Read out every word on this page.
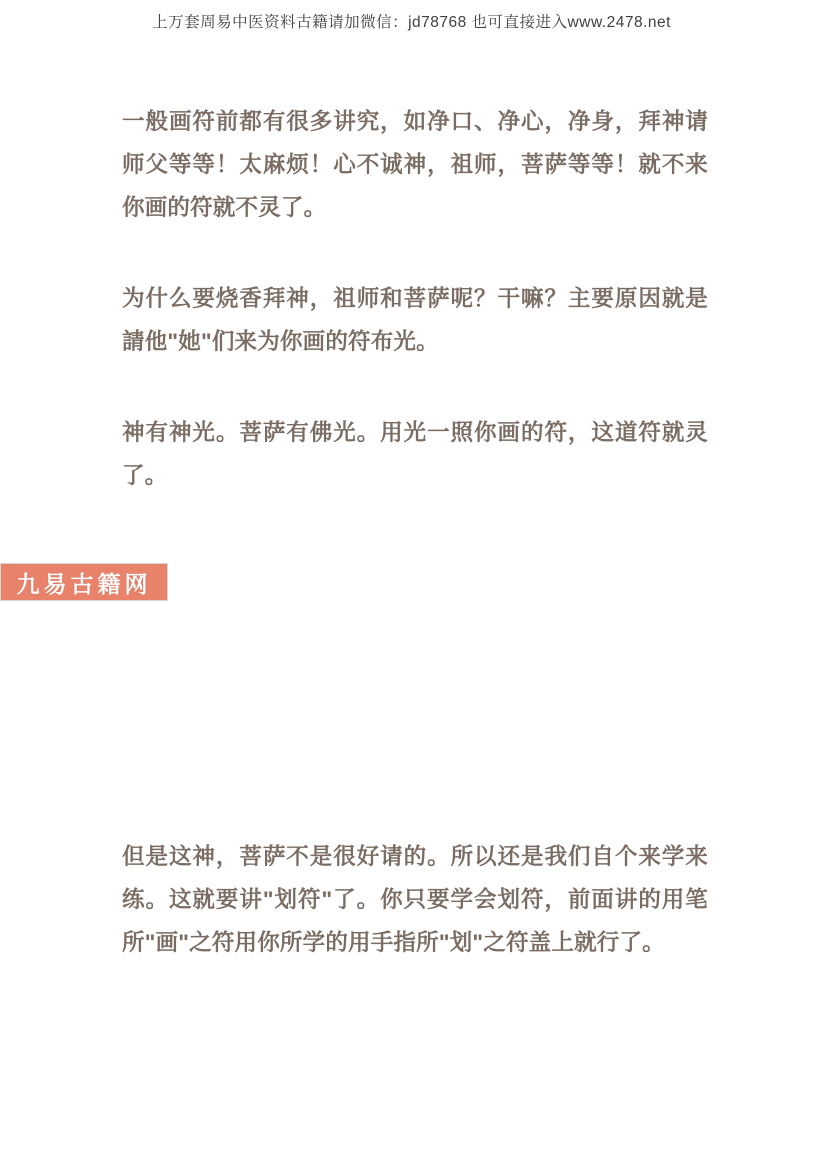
上万套周易中医资料古籍请加微信：jd78768 也可直接进入www.2478.net

一般画符前都有很多讲究，如净口、净心，净身，拜神请师父等等！太麻烦！心不诚神，祖师，菩萨等等！就不来你画的符就不灵了。

为什么要烧香拜神，祖师和菩萨呢？干嘛？主要原因就是請他"她"们来为你画的符布光。

神有神光。菩萨有佛光。用光一照你画的符，这道符就灵了。

但是这神，菩萨不是很好请的。所以还是我们自个来学来练。这就要讲"划符"了。你只要学会划符，前面讲的用笔所"画"之符用你所学的用手指所"划"之符盖上就行了。

九易古籍网
